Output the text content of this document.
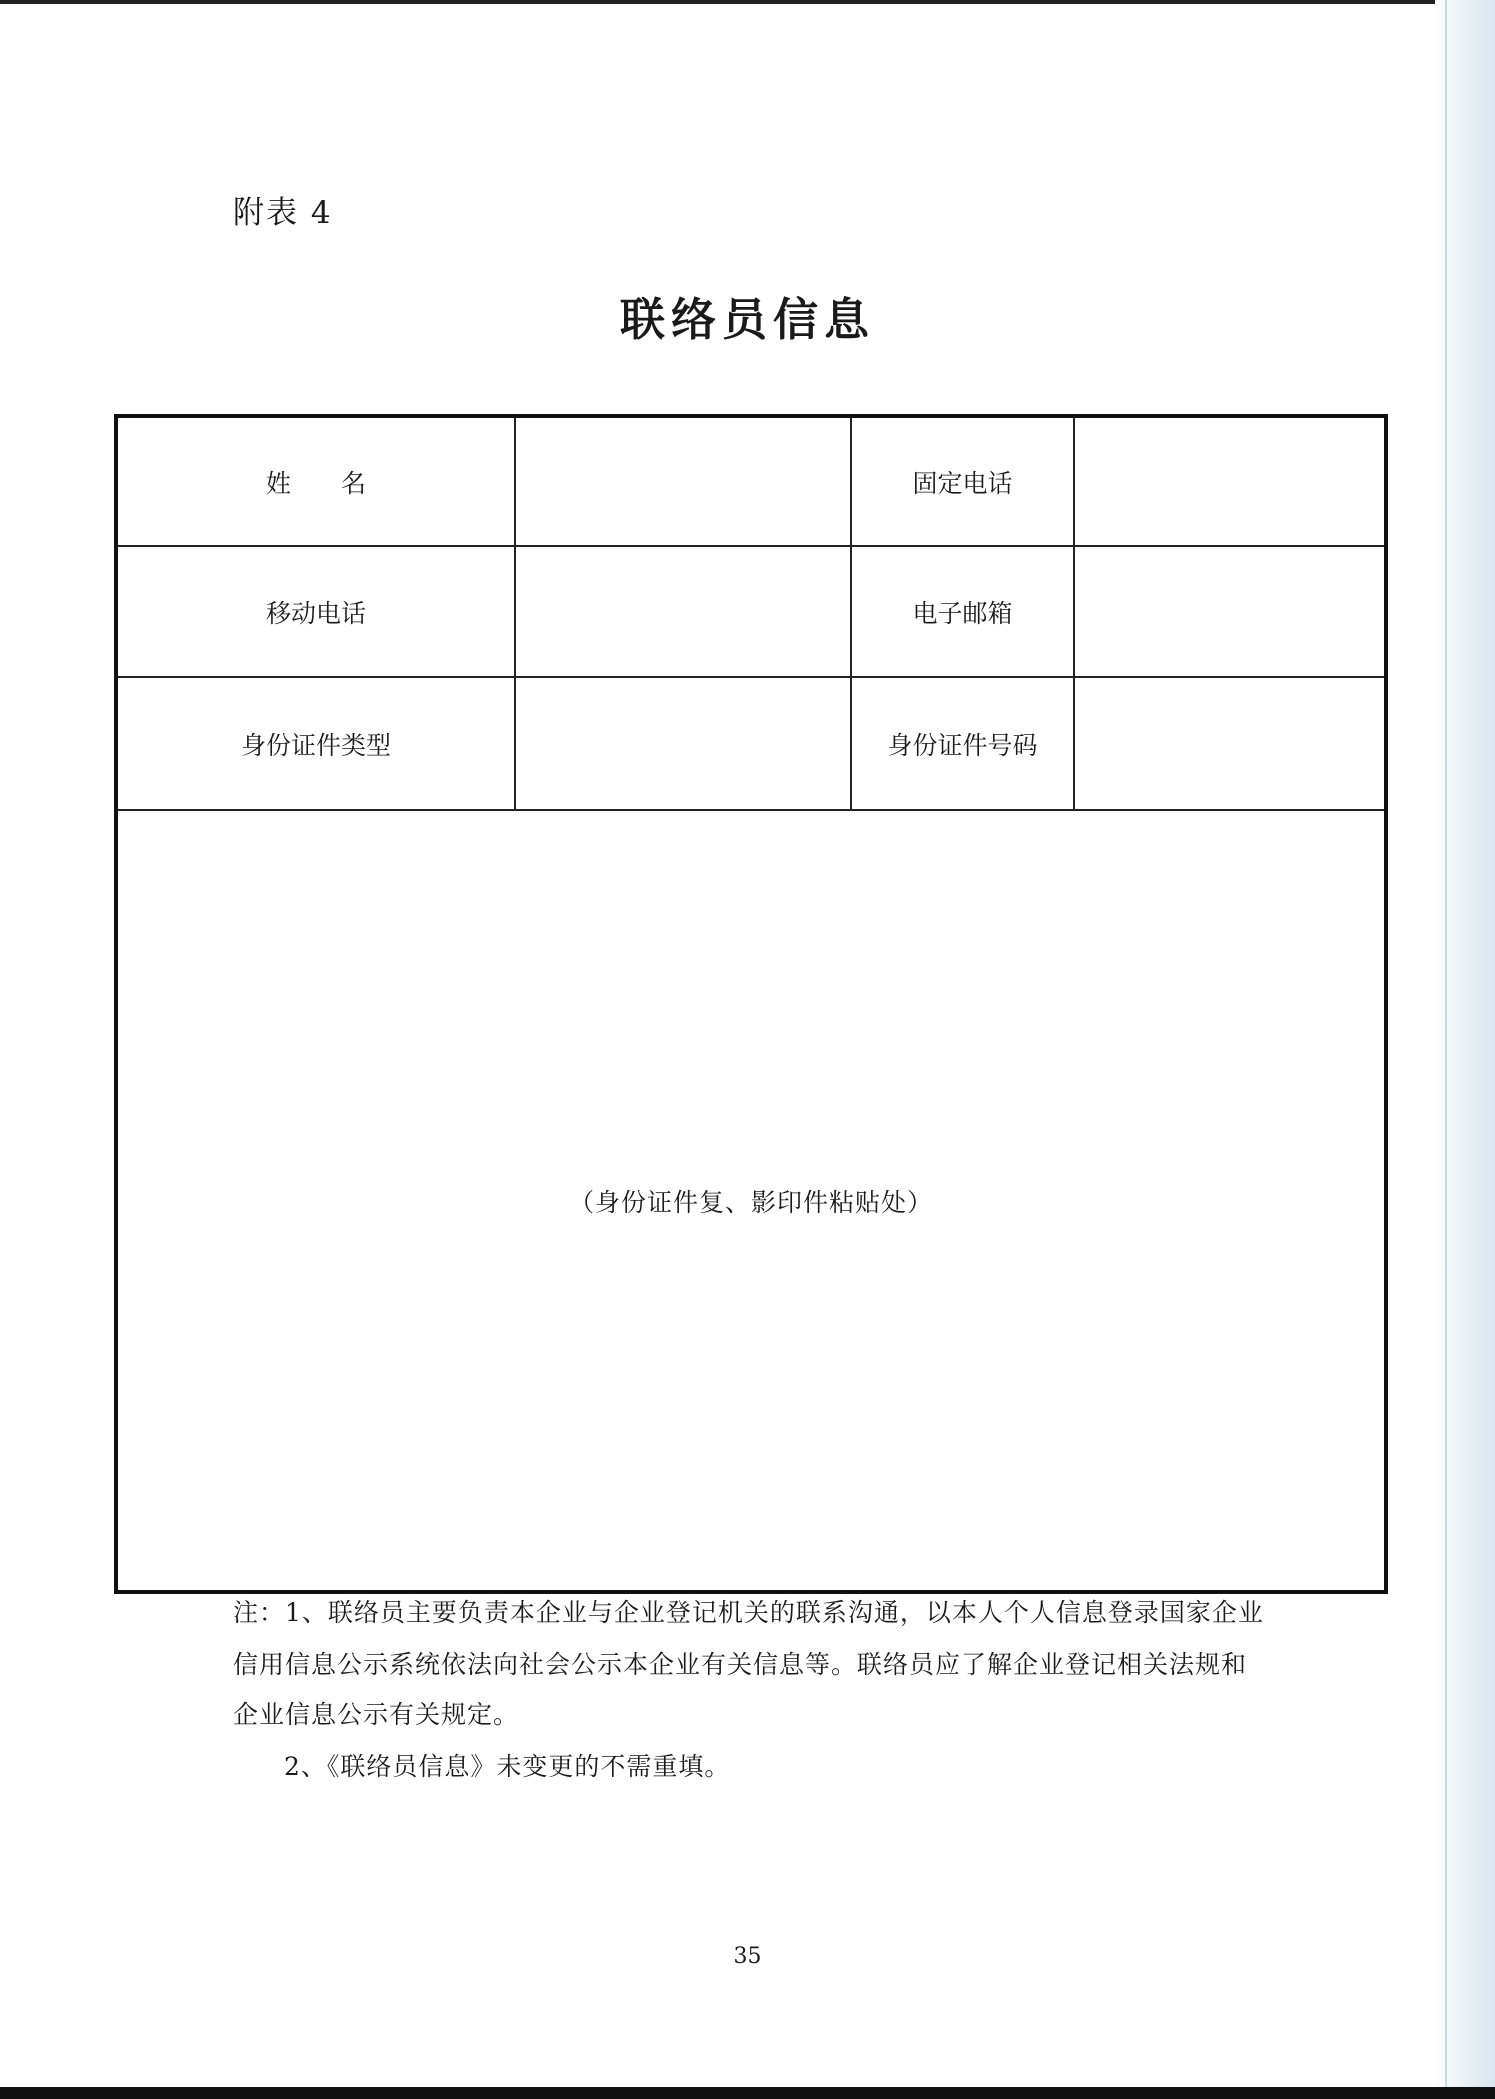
附表 4
联络员信息
姓　　名	固定电话
移动电话	电子邮箱
身份证件类型	身份证件号码
（身份证件复、影印件粘贴处）
注：1、联络员主要负责本企业与企业登记机关的联系沟通，以本人个人信息登录国家企业
信用信息公示系统依法向社会公示本企业有关信息等。联络员应了解企业登记相关法规和
企业信息公示有关规定。
2、《联络员信息》未变更的不需重填。
35
